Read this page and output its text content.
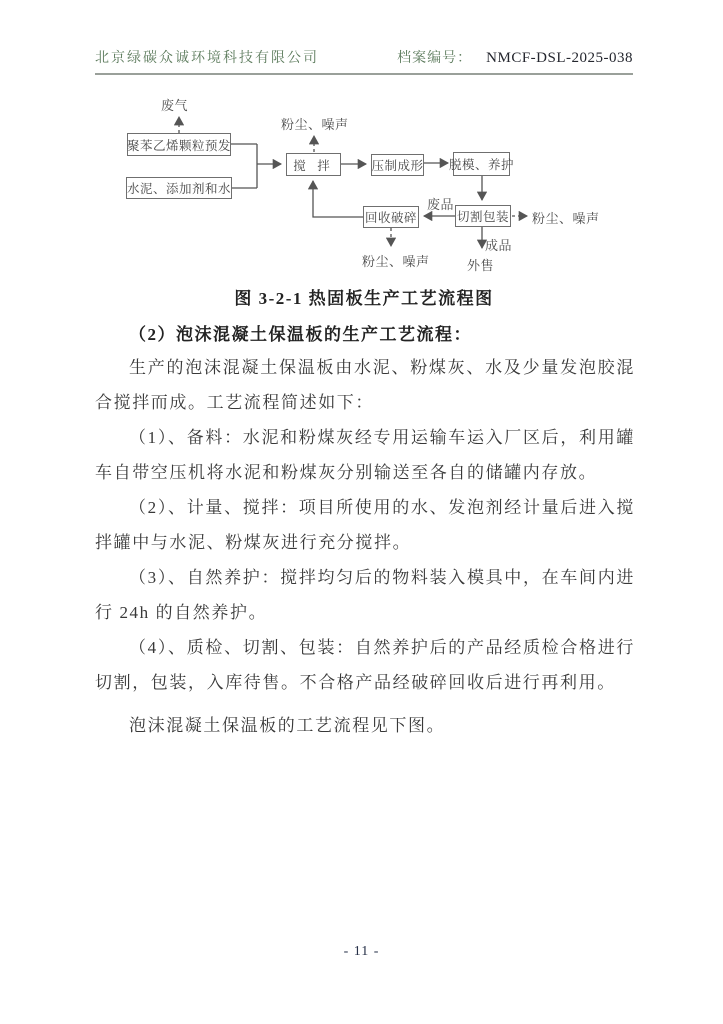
北京绿碳众诚环境科技有限公司	档案编号： NMCF-DSL-2025-038
聚苯乙烯颗粒预发
水泥、添加剂和水
搅 拌	压制成形 脱模、养护
切割包装
回收破碎
废气
粉尘、噪声
粉尘、噪声
粉尘、噪声
废品
成品
外售
图 3-2-1 热固板生产工艺流程图
（2）泡沫混凝土保温板的生产工艺流程：

生产的泡沫混凝土保温板由水泥、粉煤灰、水及少量发泡胶混合搅拌而成。工艺流程简述如下：

（1）、备料：水泥和粉煤灰经专用运输车运入厂区后，利用罐车自带空压机将水泥和粉煤灰分别输送至各自的储罐内存放。

（2）、计量、搅拌：项目所使用的水、发泡剂经计量后进入搅拌罐中与水泥、粉煤灰进行充分搅拌。

（3）、自然养护：搅拌均匀后的物料装入模具中，在车间内进行 24h 的自然养护。

（4）、质检、切割、包装：自然养护后的产品经质检合格进行切割，包装，入库待售。不合格产品经破碎回收后进行再利用。

泡沫混凝土保温板的工艺流程见下图。

- 11 -
